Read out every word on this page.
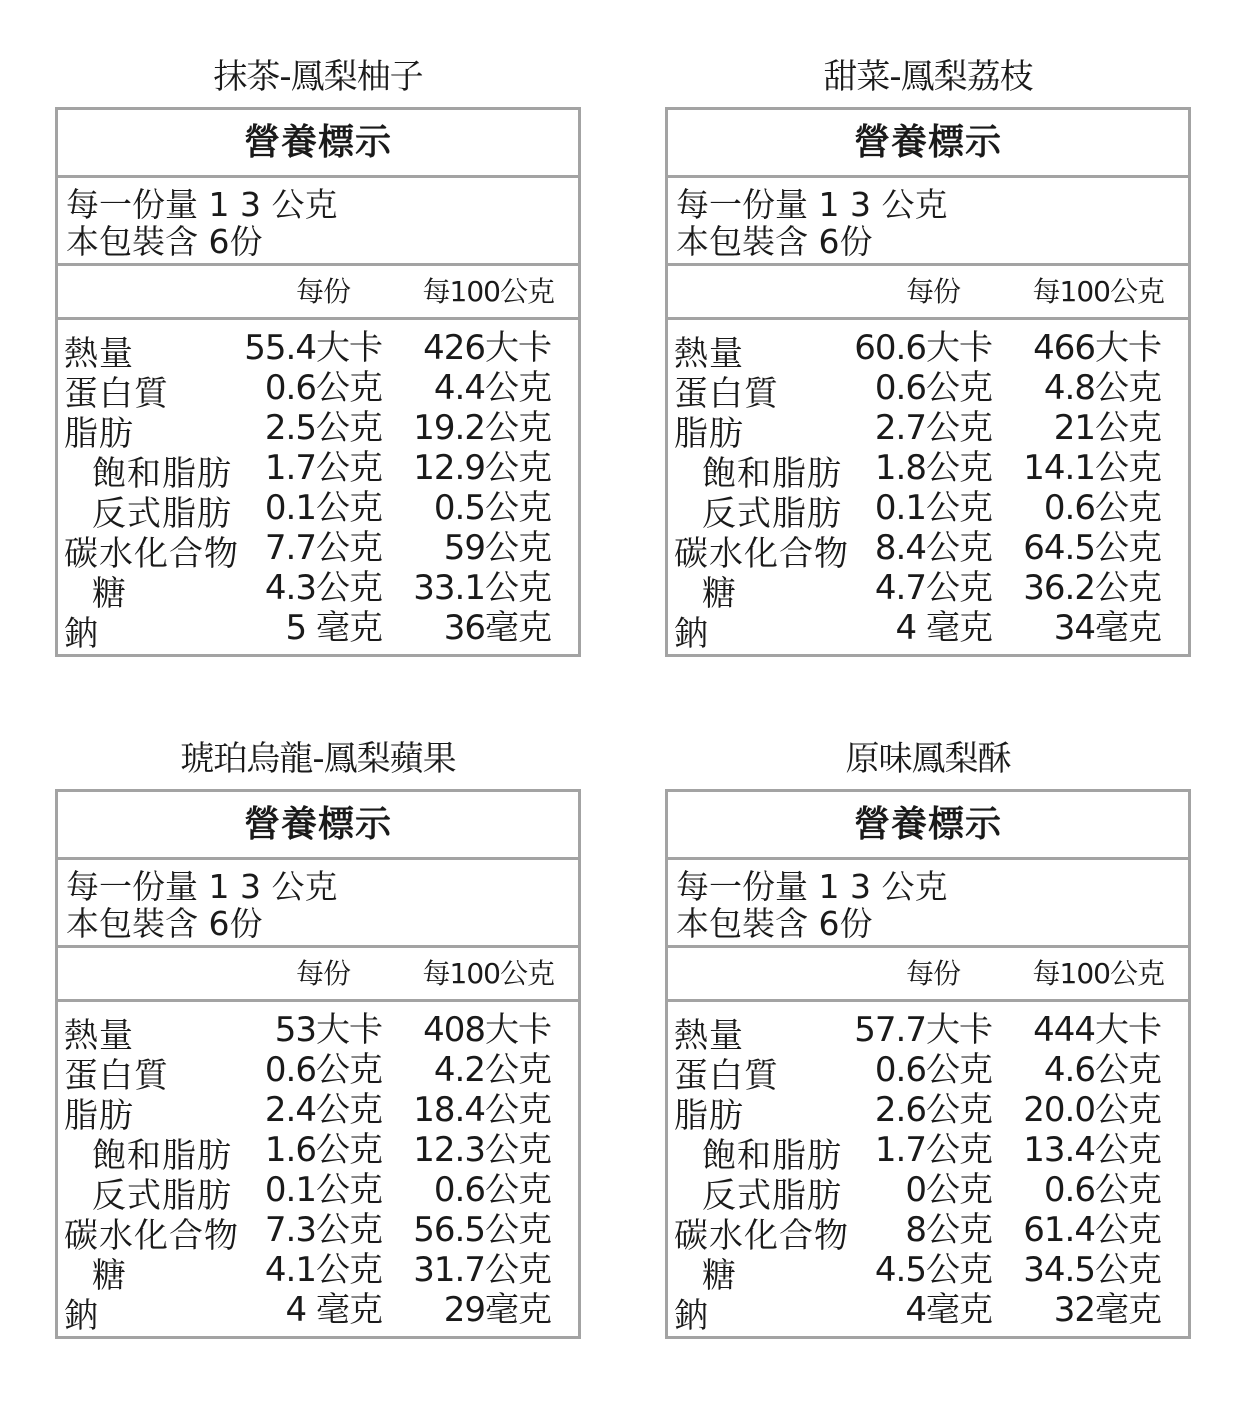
抹茶-鳳梨柚子
營養標示
每一份量 1 3 公克
本包裝含 6份
每份	每100公克
熱量	55.4大卡 426大卡
蛋白質	0.6公克 4.4公克
脂肪	2.5公克 19.2公克
飽和脂肪 1.7公克 12.9公克
反式脂肪 0.1公克 0.5公克
碳水化合物 7.7公克 59公克
糖	4.3公克 33.1公克
鈉	5 毫克 36毫克
甜菜-鳳梨荔枝
營養標示
每一份量 1 3 公克
本包裝含 6份
每份	每100公克
熱量	60.6大卡 466大卡
蛋白質	0.6公克 4.8公克
脂肪	2.7公克 21公克
飽和脂肪 1.8公克 14.1公克
反式脂肪 0.1公克 0.6公克
碳水化合物 8.4公克 64.5公克
糖	4.7公克 36.2公克
鈉	4 毫克 34毫克
琥珀烏龍-鳳梨蘋果
營養標示
每一份量 1 3 公克
本包裝含 6份
每份	每100公克
熱量	53大卡 408大卡
蛋白質	0.6公克 4.2公克
脂肪	2.4公克 18.4公克
飽和脂肪 1.6公克 12.3公克
反式脂肪 0.1公克 0.6公克
碳水化合物 7.3公克 56.5公克
糖	4.1公克 31.7公克
鈉	4 毫克 29毫克
原味鳳梨酥
營養標示
每一份量 1 3 公克
本包裝含 6份
每份	每100公克
熱量	57.7大卡 444大卡
蛋白質	0.6公克 4.6公克
脂肪	2.6公克 20.0公克
飽和脂肪 1.7公克 13.4公克
反式脂肪 0公克 0.6公克
碳水化合物 8公克 61.4公克
糖	4.5公克 34.5公克
鈉	4毫克 32毫克
